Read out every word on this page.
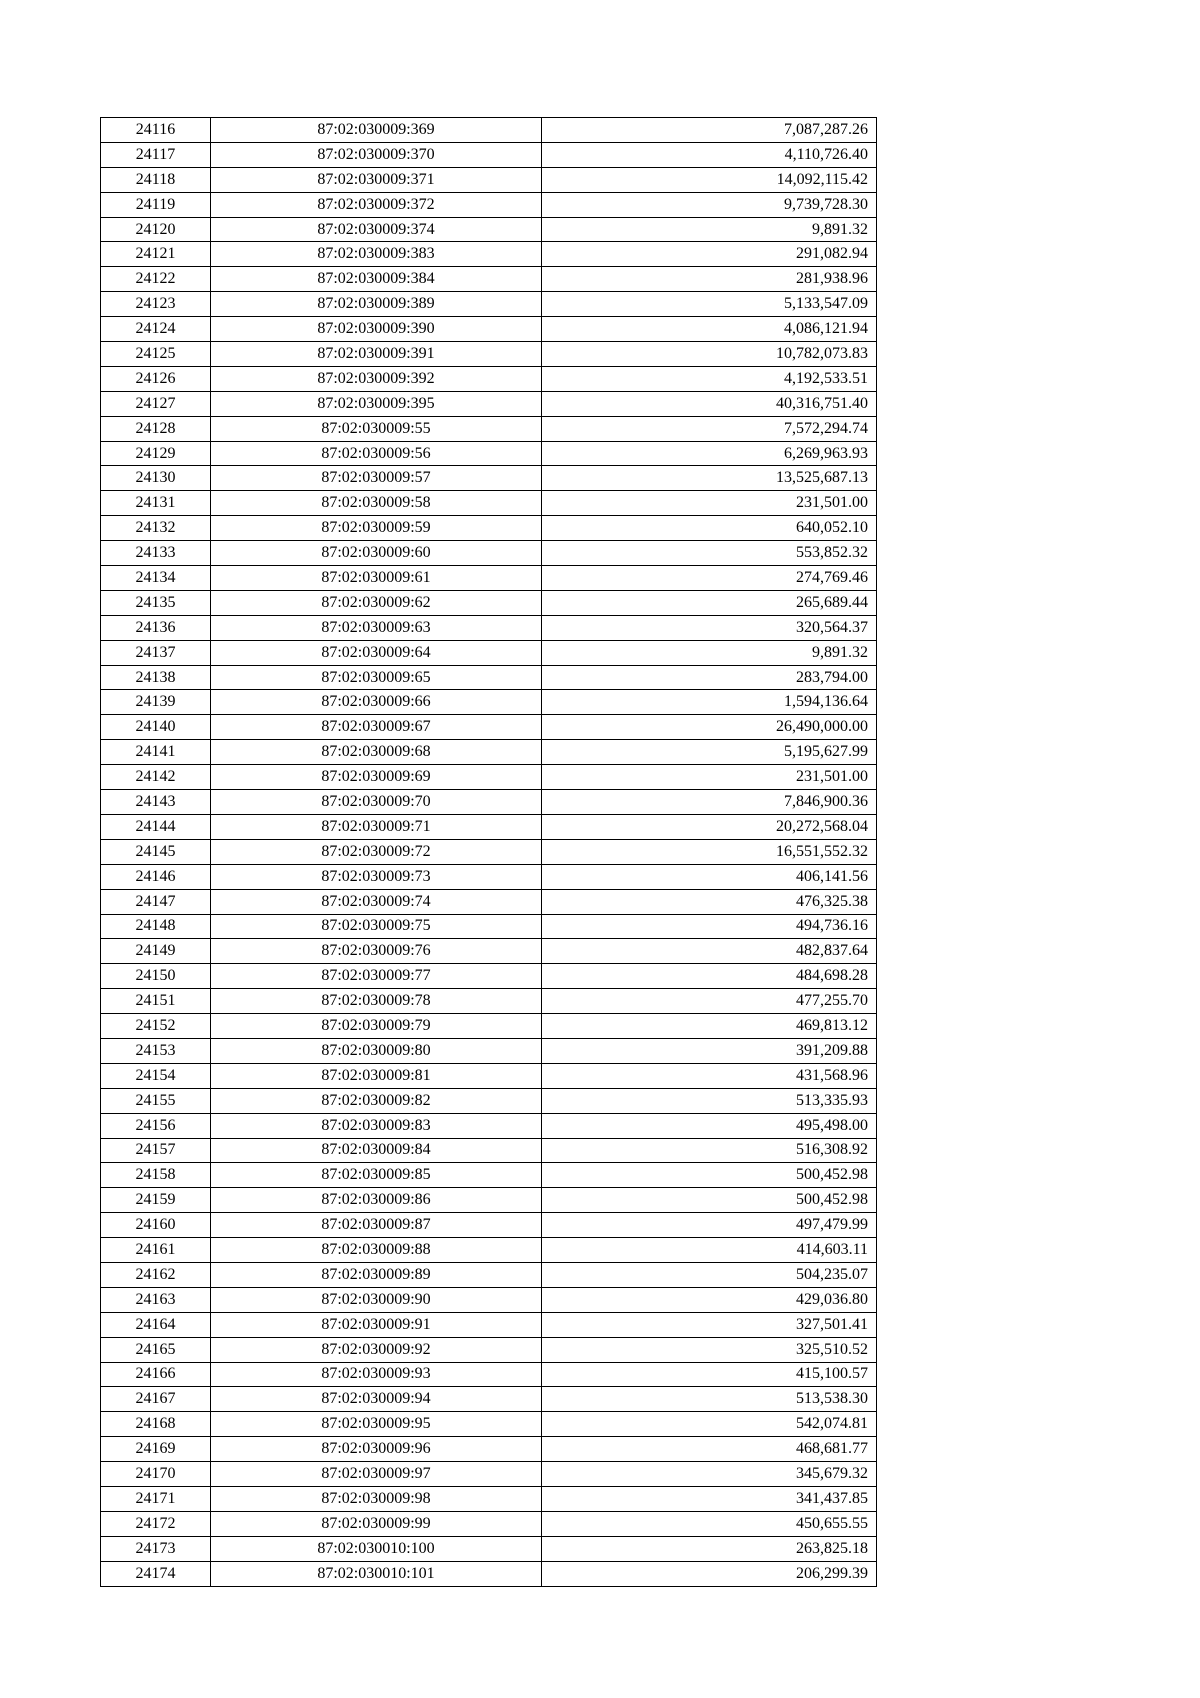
24116	87:02:030009:369	7,087,287.26
24117	87:02:030009:370	4,110,726.40
24118	87:02:030009:371	14,092,115.42
24119	87:02:030009:372	9,739,728.30
24120	87:02:030009:374	9,891.32
24121	87:02:030009:383	291,082.94
24122	87:02:030009:384	281,938.96
24123	87:02:030009:389	5,133,547.09
24124	87:02:030009:390	4,086,121.94
24125	87:02:030009:391	10,782,073.83
24126	87:02:030009:392	4,192,533.51
24127	87:02:030009:395	40,316,751.40
24128	87:02:030009:55	7,572,294.74
24129	87:02:030009:56	6,269,963.93
24130	87:02:030009:57	13,525,687.13
24131	87:02:030009:58	231,501.00
24132	87:02:030009:59	640,052.10
24133	87:02:030009:60	553,852.32
24134	87:02:030009:61	274,769.46
24135	87:02:030009:62	265,689.44
24136	87:02:030009:63	320,564.37
24137	87:02:030009:64	9,891.32
24138	87:02:030009:65	283,794.00
24139	87:02:030009:66	1,594,136.64
24140	87:02:030009:67	26,490,000.00
24141	87:02:030009:68	5,195,627.99
24142	87:02:030009:69	231,501.00
24143	87:02:030009:70	7,846,900.36
24144	87:02:030009:71	20,272,568.04
24145	87:02:030009:72	16,551,552.32
24146	87:02:030009:73	406,141.56
24147	87:02:030009:74	476,325.38
24148	87:02:030009:75	494,736.16
24149	87:02:030009:76	482,837.64
24150	87:02:030009:77	484,698.28
24151	87:02:030009:78	477,255.70
24152	87:02:030009:79	469,813.12
24153	87:02:030009:80	391,209.88
24154	87:02:030009:81	431,568.96
24155	87:02:030009:82	513,335.93
24156	87:02:030009:83	495,498.00
24157	87:02:030009:84	516,308.92
24158	87:02:030009:85	500,452.98
24159	87:02:030009:86	500,452.98
24160	87:02:030009:87	497,479.99
24161	87:02:030009:88	414,603.11
24162	87:02:030009:89	504,235.07
24163	87:02:030009:90	429,036.80
24164	87:02:030009:91	327,501.41
24165	87:02:030009:92	325,510.52
24166	87:02:030009:93	415,100.57
24167	87:02:030009:94	513,538.30
24168	87:02:030009:95	542,074.81
24169	87:02:030009:96	468,681.77
24170	87:02:030009:97	345,679.32
24171	87:02:030009:98	341,437.85
24172	87:02:030009:99	450,655.55
24173	87:02:030010:100	263,825.18
24174	87:02:030010:101	206,299.39
